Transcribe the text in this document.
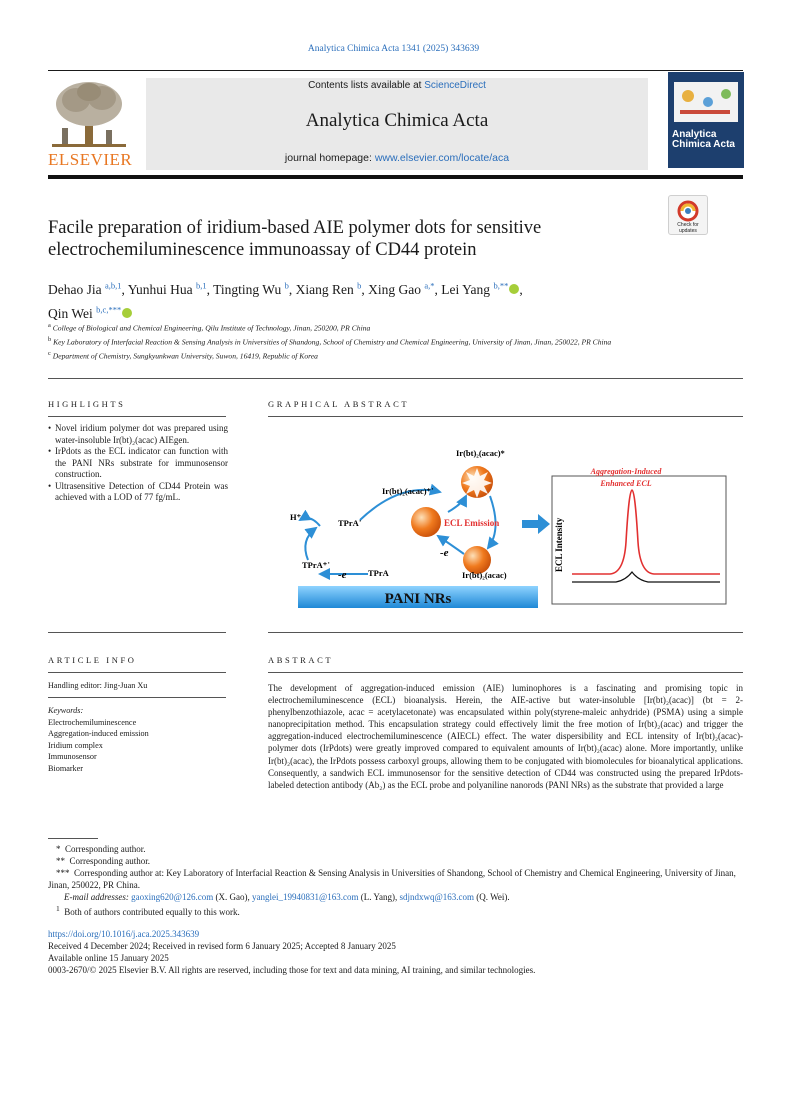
Analytica Chimica Acta 1341 (2025) 343639
ELSEVIER
Contents lists available at ScienceDirect
Analytica Chimica Acta
journal homepage: www.elsevier.com/locate/aca
Analytica Chimica Acta
Facile preparation of iridium-based AIE polymer dots for sensitive electrochemiluminescence immunoassay of CD44 protein
Check for updates
Dehao Jia $^{a,b,1}$, Yunhui Hua $^{b,1}$, Tingting Wu $^b$, Xiang Ren $^b$, Xing Gao $^{a,*}$, Lei Yang $^{b,**}$ ,
Qin Wei $^{b,c,***}$
$^a$ College of Biological and Chemical Engineering, Qilu Institute of Technology, Jinan, 250200, PR China
$^b$ Key Laboratory of Interfacial Reaction & Sensing Analysis in Universities of Shandong, School of Chemistry and Chemical Engineering, University of Jinan, Jinan, 250022, PR China
$^c$ Department of Chemistry, Sungkyunkwan University, Suwon, 16419, Republic of Korea
HIGHLIGHTS
• Novel iridium polymer dot was prepared using water-insoluble Ir(bt)₂(acac) AIEgen.
• IrPdots as the ECL indicator can function with the PANI NRs substrate for immunosensor construction.
• Ultrasensitive Detection of CD44 Protein was achieved with a LOD of 77 fg/mL.
GRAPHICAL ABSTRACT
PANI NRs
Ir(bt)₂(acac)*
Ir(bt)₂(acac)⁺˙
ECL Emission
-e
Ir(bt)₂(acac)
H⁺
TPrA˙
TPrA⁺˙
-e	TPrA
Aggregation-Induced
Enhanced ECL
ECL Intensity
ARTICLE INFO
Handling editor: Jing-Juan Xu
Keywords:
Electrochemiluminescence
Aggregation-induced emission
Iridium complex
Immunosensor
Biomarker
ABSTRACT
The development of aggregation-induced emission (AIE) luminophores is a fascinating and promising topic in electrochemiluminescence (ECL) bioanalysis. Herein, the AIE-active but water-insoluble [Ir(bt)₂(acac)] (bt = 2-phenylbenzothiazole, acac = acetylacetonate) was encapsulated within poly(styrene-maleic anhydride) (PSMA) using a simple nanoprecipitation method. This encapsulation strategy could effectively limit the free motion of Ir(bt)₂(acac) and trigger the aggregation-induced electrochemiluminescence (AIECL) effect. The water dispersibility and ECL intensity of Ir(bt)₂(acac)-polymer dots (IrPdots) were greatly improved compared to equivalent amounts of Ir(bt)₂(acac) alone. More importantly, unlike Ir(bt)₂(acac), the IrPdots possess carboxyl groups, allowing them to be conjugated with biomolecules for bioanalytical applications. Consequently, a sandwich ECL immunosensor for the sensitive detection of CD44 was constructed using the prepared IrPdots-labeled detection antibody (Ab₂) as the ECL probe and polyaniline nanorods (PANI NRs) as the substrate that provided a large
*  Corresponding author.
**  Corresponding author.
***  Corresponding author at: Key Laboratory of Interfacial Reaction & Sensing Analysis in Universities of Shandong, School of Chemistry and Chemical Engineering, University of Jinan, Jinan, 250022, PR China.
E-mail addresses: gaoxing620@126.com (X. Gao), yanglei_19940831@163.com (L. Yang), sdjndxwq@163.com (Q. Wei).
$^1$ Both of authors contributed equally to this work.
https://doi.org/10.1016/j.aca.2025.343639
Received 4 December 2024; Received in revised form 6 January 2025; Accepted 8 January 2025
Available online 15 January 2025
0003-2670/© 2025 Elsevier B.V. All rights are reserved, including those for text and data mining, AI training, and similar technologies.
